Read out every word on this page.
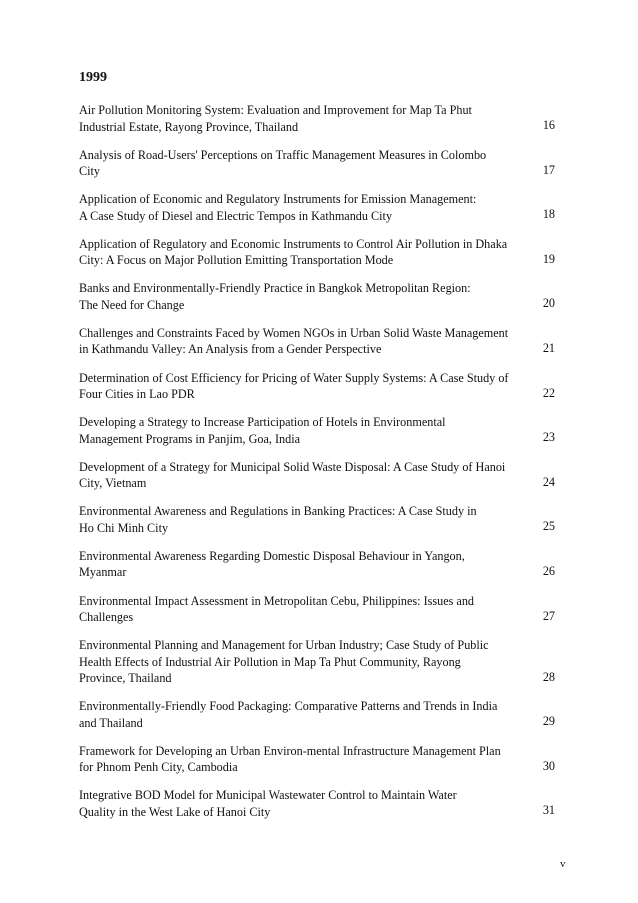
1999
Air Pollution Monitoring System: Evaluation and Improvement for Map Ta Phut
Industrial Estate, Rayong Province, Thailand	16
Analysis of Road-Users' Perceptions on Traffic Management Measures in Colombo
City	17
Application of Economic and Regulatory Instruments for Emission Management:
A Case Study of Diesel and Electric Tempos in Kathmandu City	18
Application of Regulatory and Economic Instruments to Control Air Pollution in Dhaka
City: A Focus on Major Pollution Emitting Transportation Mode	19
Banks and Environmentally-Friendly Practice in Bangkok Metropolitan Region:
The Need for Change	20
Challenges and Constraints Faced by Women NGOs in Urban Solid Waste Management
in Kathmandu Valley: An Analysis from a Gender Perspective	21
Determination of Cost Efficiency for Pricing of Water Supply Systems: A Case Study of
Four Cities in Lao PDR	22
Developing a Strategy to Increase Participation of Hotels in Environmental
Management Programs in Panjim, Goa, India	23
Development of a Strategy for Municipal Solid Waste Disposal: A Case Study of Hanoi
City, Vietnam	24
Environmental Awareness and Regulations in Banking Practices: A Case Study in
Ho Chi Minh City	25
Environmental Awareness Regarding Domestic Disposal Behaviour in Yangon,
Myanmar	26
Environmental Impact Assessment in Metropolitan Cebu, Philippines: Issues and
Challenges	27
Environmental Planning and Management for Urban Industry; Case Study of Public
Health Effects of Industrial Air Pollution in Map Ta Phut Community, Rayong
Province, Thailand	28
Environmentally-Friendly Food Packaging: Comparative Patterns and Trends in India
and Thailand	29
Framework for Developing an Urban Environ-mental Infrastructure Management Plan
for Phnom Penh City, Cambodia	30
Integrative BOD Model for Municipal Wastewater Control to Maintain Water
Quality in the West Lake of Hanoi City	31
v
